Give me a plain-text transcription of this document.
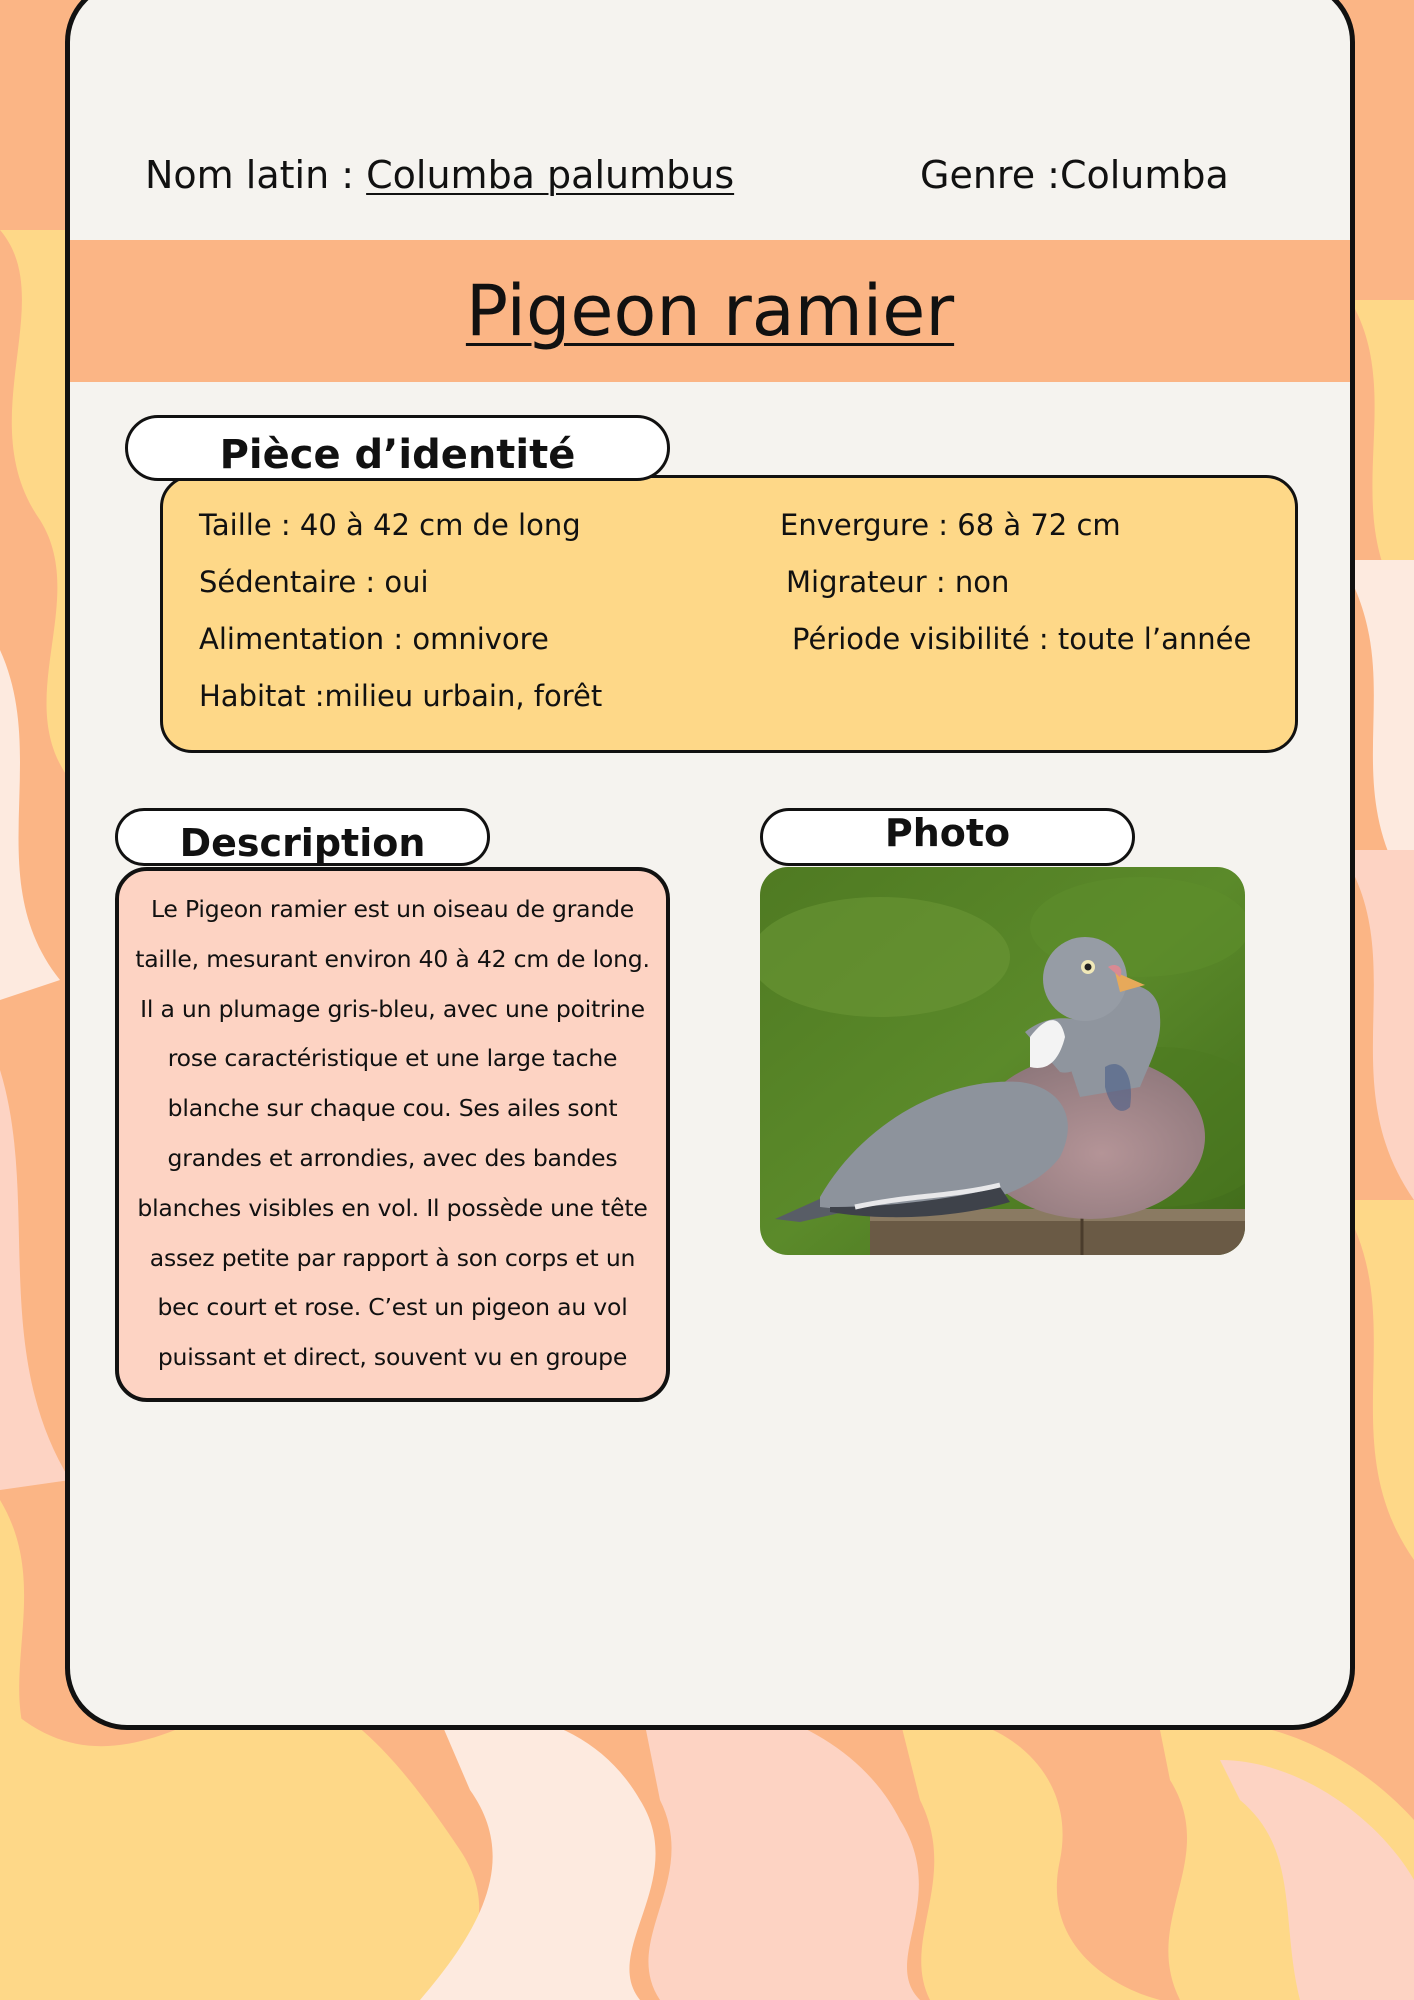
Nom latin : Columba palumbus	Genre :Columba
Pigeon ramier
Pièce d’identité
Taille : 40 à 42 cm de long	Envergure : 68 à 72 cm
Sédentaire : oui	Migrateur : non
Alimentation : omnivore	Période visibilité : toute l’année
Habitat :milieu urbain, forêt
Description

Le Pigeon ramier est un oiseau de grande taille, mesurant environ 40 à 42 cm de long. Il a un plumage gris-bleu, avec une poitrine rose caractéristique et une large tache blanche sur chaque cou. Ses ailes sont grandes et arrondies, avec des bandes blanches visibles en vol. Il possède une tête assez petite par rapport à son corps et un bec court et rose. C’est un pigeon au vol puissant et direct, souvent vu en groupe

Photo
